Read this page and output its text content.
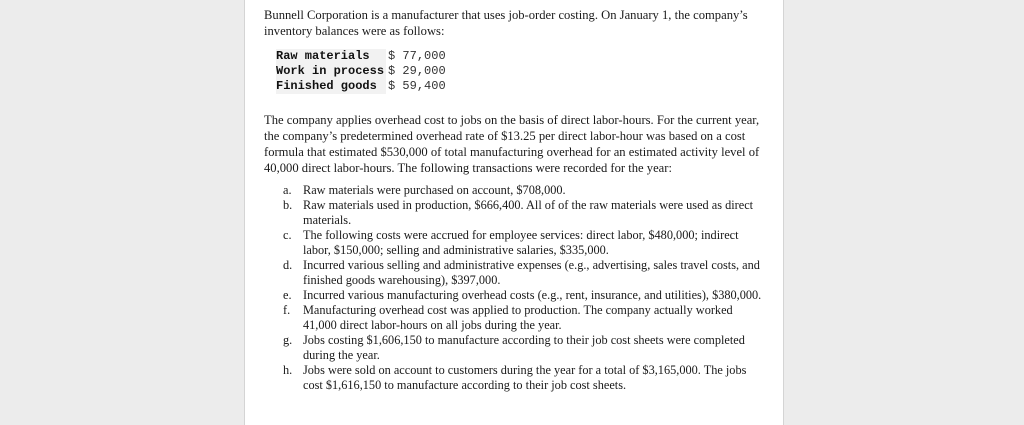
Bunnell Corporation is a manufacturer that uses job-order costing. On January 1, the company’s inventory balances were as follows:

Raw materials	$ 77,000
Work in process	$ 29,000
Finished goods	$ 59,400

The company applies overhead cost to jobs on the basis of direct labor-hours. For the current year, the company’s predetermined overhead rate of $13.25 per direct labor-hour was based on a cost formula that estimated $530,000 of total manufacturing overhead for an estimated activity level of 40,000 direct labor-hours. The following transactions were recorded for the year:

a. Raw materials were purchased on account, $708,000.
b. Raw materials used in production, $666,400. All of of the raw materials were used as direct materials.
c. The following costs were accrued for employee services: direct labor, $480,000; indirect labor, $150,000; selling and administrative salaries, $335,000.
d. Incurred various selling and administrative expenses (e.g., advertising, sales travel costs, and finished goods warehousing), $397,000.
e. Incurred various manufacturing overhead costs (e.g., rent, insurance, and utilities), $380,000.
f.	Manufacturing overhead cost was applied to production. The company actually worked 41,000 direct labor-hours on all jobs during the year.
g. Jobs costing $1,606,150 to manufacture according to their job cost sheets were completed during the year.
h. Jobs were sold on account to customers during the year for a total of $3,165,000. The jobs cost $1,616,150 to manufacture according to their job cost sheets.
